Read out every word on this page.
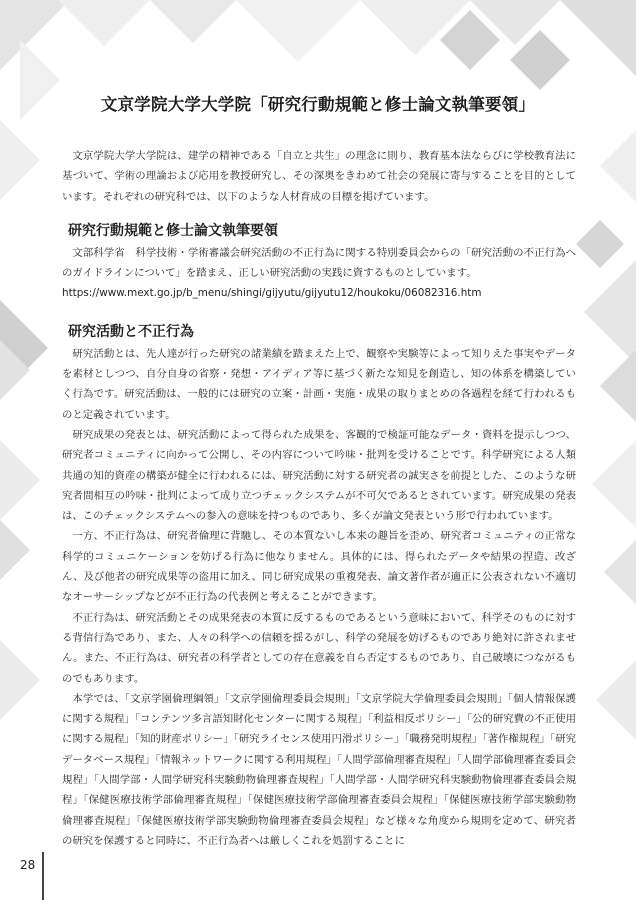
文京学院大学大学院「研究行動規範と修士論文執筆要領」

文京学院大学大学院は、建学の精神である「自立と共生」の理念に則り、教育基本法ならびに学校教育法に基づいて、学術の理論および応用を教授研究し、その深奥をきわめて社会の発展に寄与することを目的としています。それぞれの研究科では、以下のような人材育成の目標を掲げています。

研究行動規範と修士論文執筆要領

文部科学省　科学技術・学術審議会研究活動の不正行為に関する特別委員会からの「研究活動の不正行為へのガイドラインについて」を踏まえ、正しい研究活動の実践に資するものとしています。

https://www.mext.go.jp/b_menu/shingi/gijyutu/gijyutu12/houkoku/06082316.htm

研究活動と不正行為

研究活動とは、先人達が行った研究の諸業績を踏まえた上で、観察や実験等によって知りえた事実やデータを素材としつつ、自分自身の省察・発想・アイディア等に基づく新たな知見を創造し、知の体系を構築していく行為です。研究活動は、一般的には研究の立案・計画・実施・成果の取りまとめの各過程を経て行われるものと定義されています。

研究成果の発表とは、研究活動によって得られた成果を、客観的で検証可能なデータ・資料を提示しつつ、研究者コミュニティに向かって公開し、その内容について吟味・批判を受けることです。科学研究による人類共通の知的資産の構築が健全に行われるには、研究活動に対する研究者の誠実さを前提とした、このような研究者間相互の吟味・批判によって成り立つチェックシステムが不可欠であるとされています。研究成果の発表は、このチェックシステムへの参入の意味を持つものであり、多くが論文発表という形で行われています。

一方、不正行為は、研究者倫理に背馳し、その本質ないし本来の趣旨を歪め、研究者コミュニティの正常な科学的コミュニケーションを妨げる行為に他なりません。具体的には、得られたデータや結果の捏造、改ざん、及び他者の研究成果等の盗用に加え、同じ研究成果の重複発表、論文著作者が適正に公表されない不適切なオーサーシップなどが不正行為の代表例と考えることができます。

不正行為は、研究活動とその成果発表の本質に反するものであるという意味において、科学そのものに対する背信行為であり、また、人々の科学への信頼を揺るがし、科学の発展を妨げるものであり絶対に許されません。また、不正行為は、研究者の科学者としての存在意義を自ら否定するものであり、自己破壊につながるものでもあります。

本学では、「文京学園倫理綱領」「文京学園倫理委員会規則」「文京学院大学倫理委員会規則」「個人情報保護に関する規程」「コンテンツ多言語知財化センターに関する規程」「利益相反ポリシー」「公的研究費の不正使用に関する規程」「知的財産ポリシー」「研究ライセンス使用円滑ポリシー」「職務発明規程」「著作権規程」「研究データベース規程」「情報ネットワークに関する利用規程」「人間学部倫理審査規程」「人間学部倫理審査委員会規程」「人間学部・人間学研究科実験動物倫理審査規程」「人間学部・人間学研究科実験動物倫理審査委員会規程」「保健医療技術学部倫理審査規程」「保健医療技術学部倫理審査委員会規程」「保健医療技術学部実験動物倫理審査規程」「保健医療技術学部実験動物倫理審査委員会規程」など様々な角度から規則を定めて、研究者の研究を保護すると同時に、不正行為者へは厳しくこれを処罰することに

28
